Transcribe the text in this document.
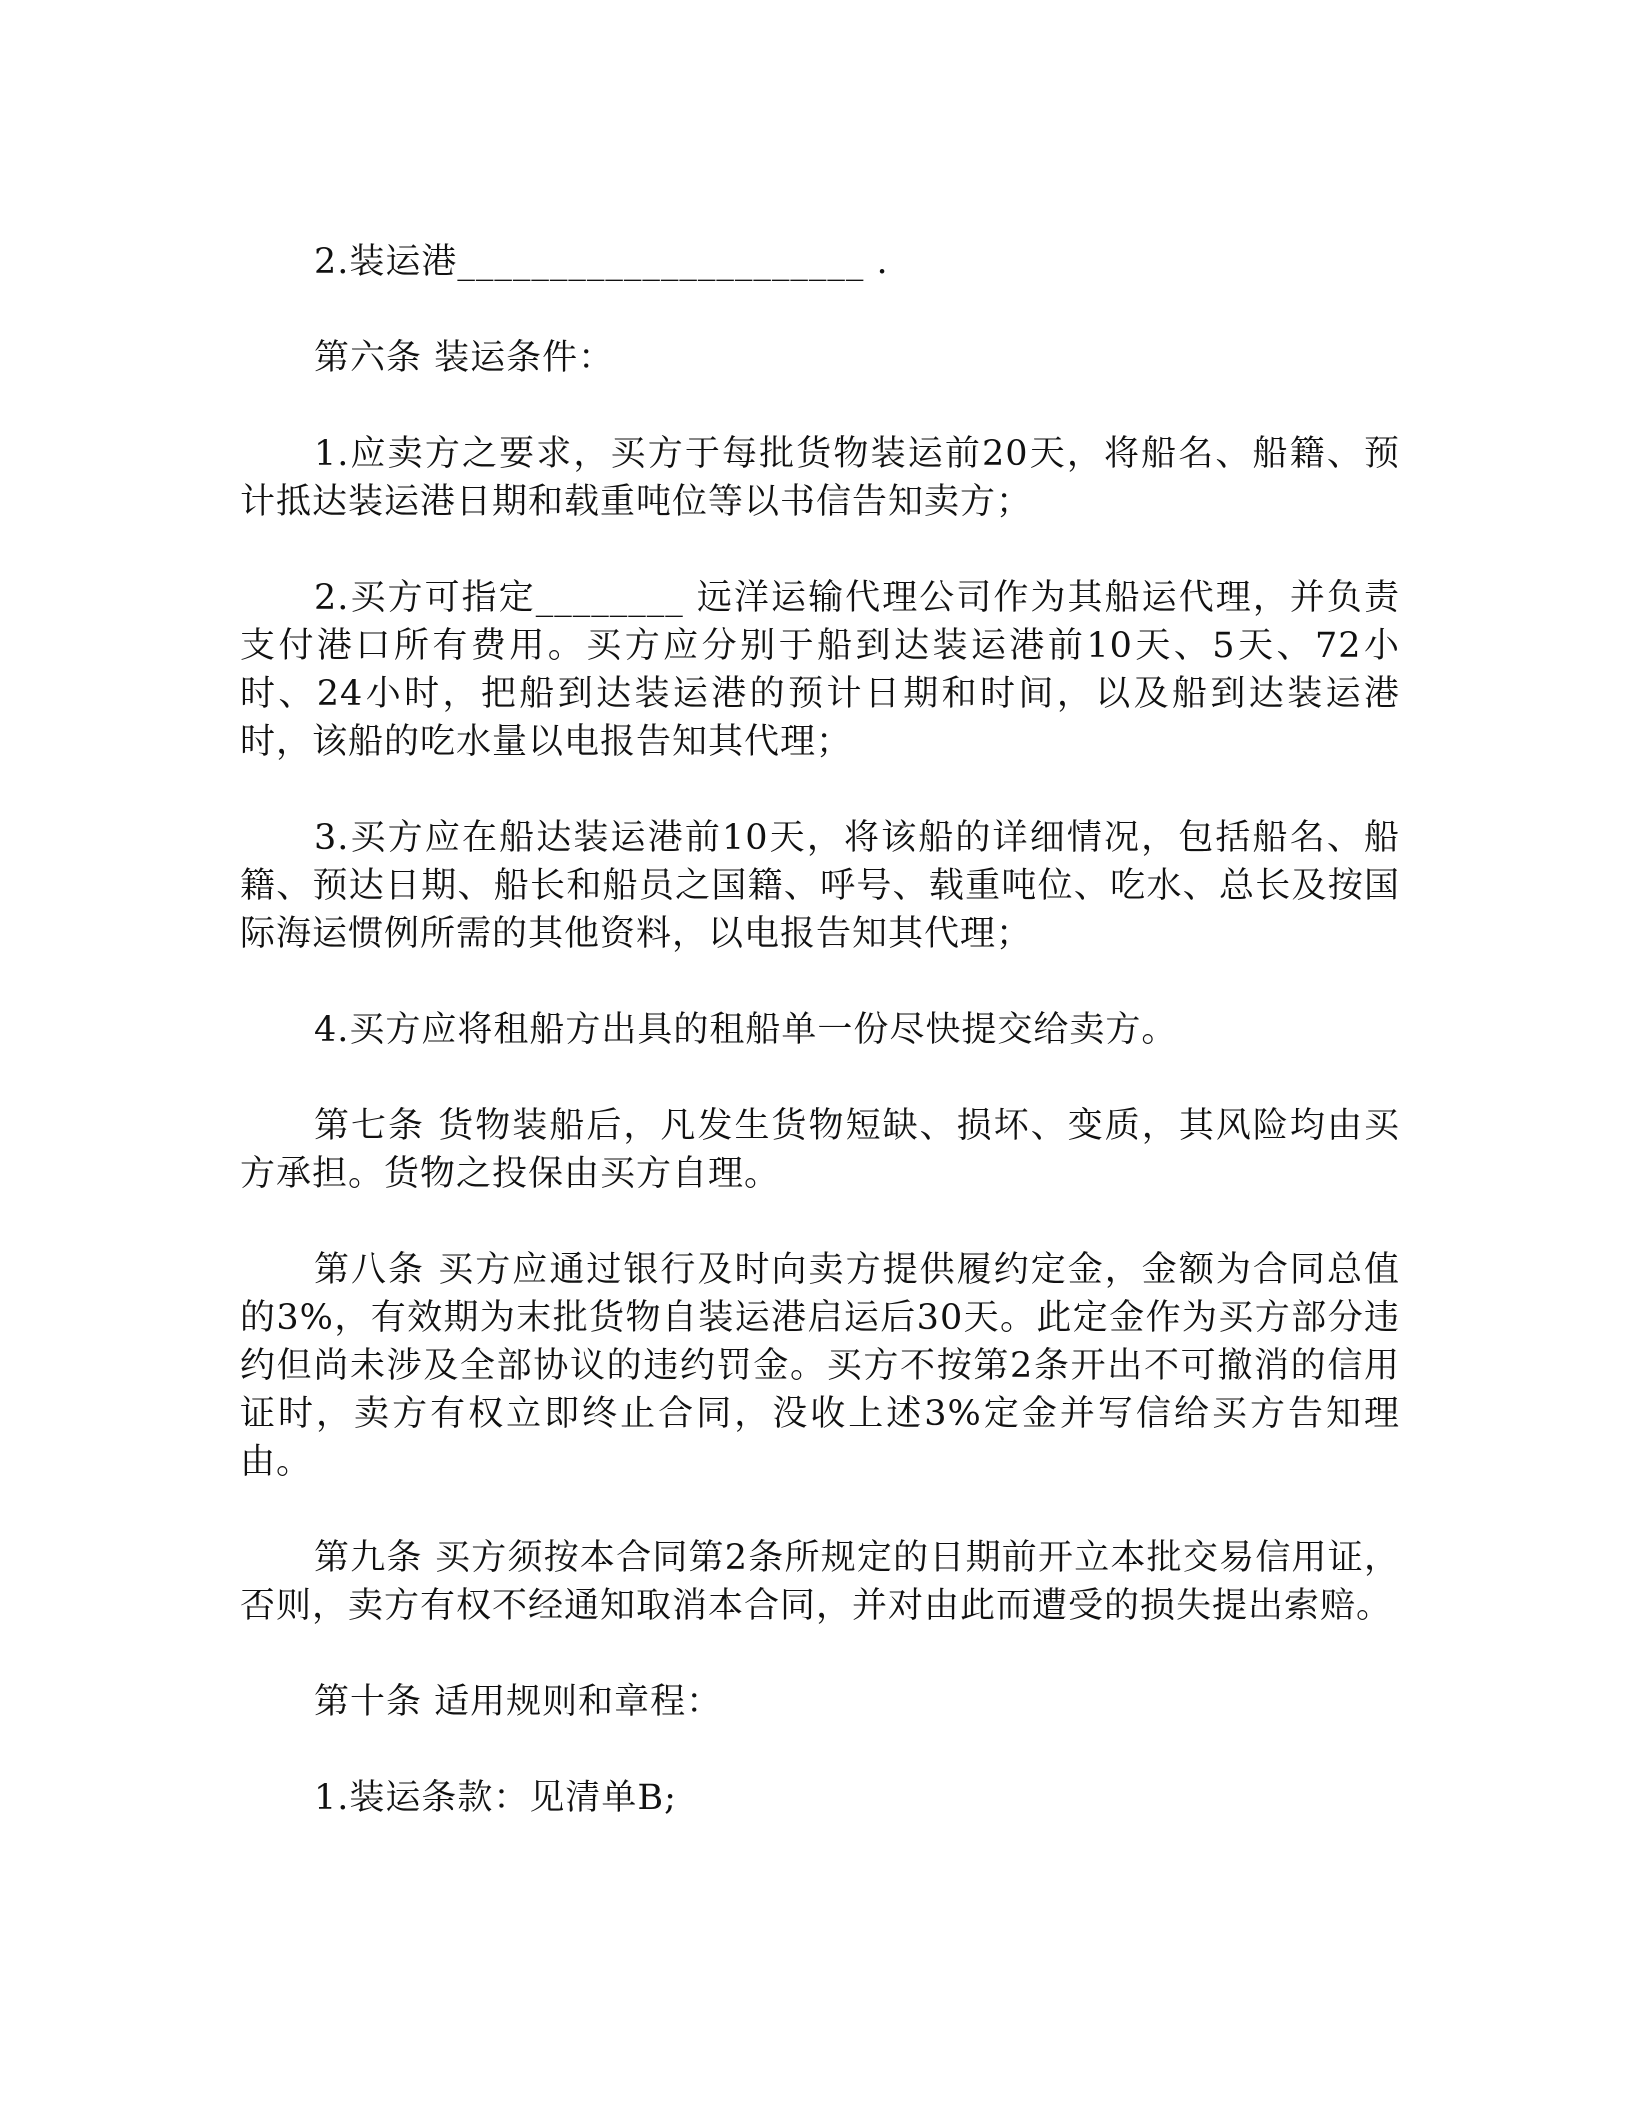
2.装运港______________________ .

第六条 装运条件：

1.应卖方之要求，买方于每批货物装运前20天，将船名、船籍、预计抵达装运港日期和载重吨位等以书信告知卖方；

2.买方可指定________ 远洋运输代理公司作为其船运代理，并负责支付港口所有费用。买方应分别于船到达装运港前10天、5天、72小时、24小时，把船到达装运港的预计日期和时间，以及船到达装运港时，该船的吃水量以电报告知其代理；

3.买方应在船达装运港前10天，将该船的详细情况，包括船名、船籍、预达日期、船长和船员之国籍、呼号、载重吨位、吃水、总长及按国际海运惯例所需的其他资料，以电报告知其代理；

4.买方应将租船方出具的租船单一份尽快提交给卖方。

第七条 货物装船后，凡发生货物短缺、损坏、变质，其风险均由买方承担。货物之投保由买方自理。

第八条 买方应通过银行及时向卖方提供履约定金，金额为合同总值的3%，有效期为末批货物自装运港启运后30天。此定金作为买方部分违约但尚未涉及全部协议的违约罚金。买方不按第2条开出不可撤消的信用证时，卖方有权立即终止合同，没收上述3%定金并写信给买方告知理由。

第九条 买方须按本合同第2条所规定的日期前开立本批交易信用证，否则，卖方有权不经通知取消本合同，并对由此而遭受的损失提出索赔。

第十条 适用规则和章程：

1.装运条款：见清单B;
